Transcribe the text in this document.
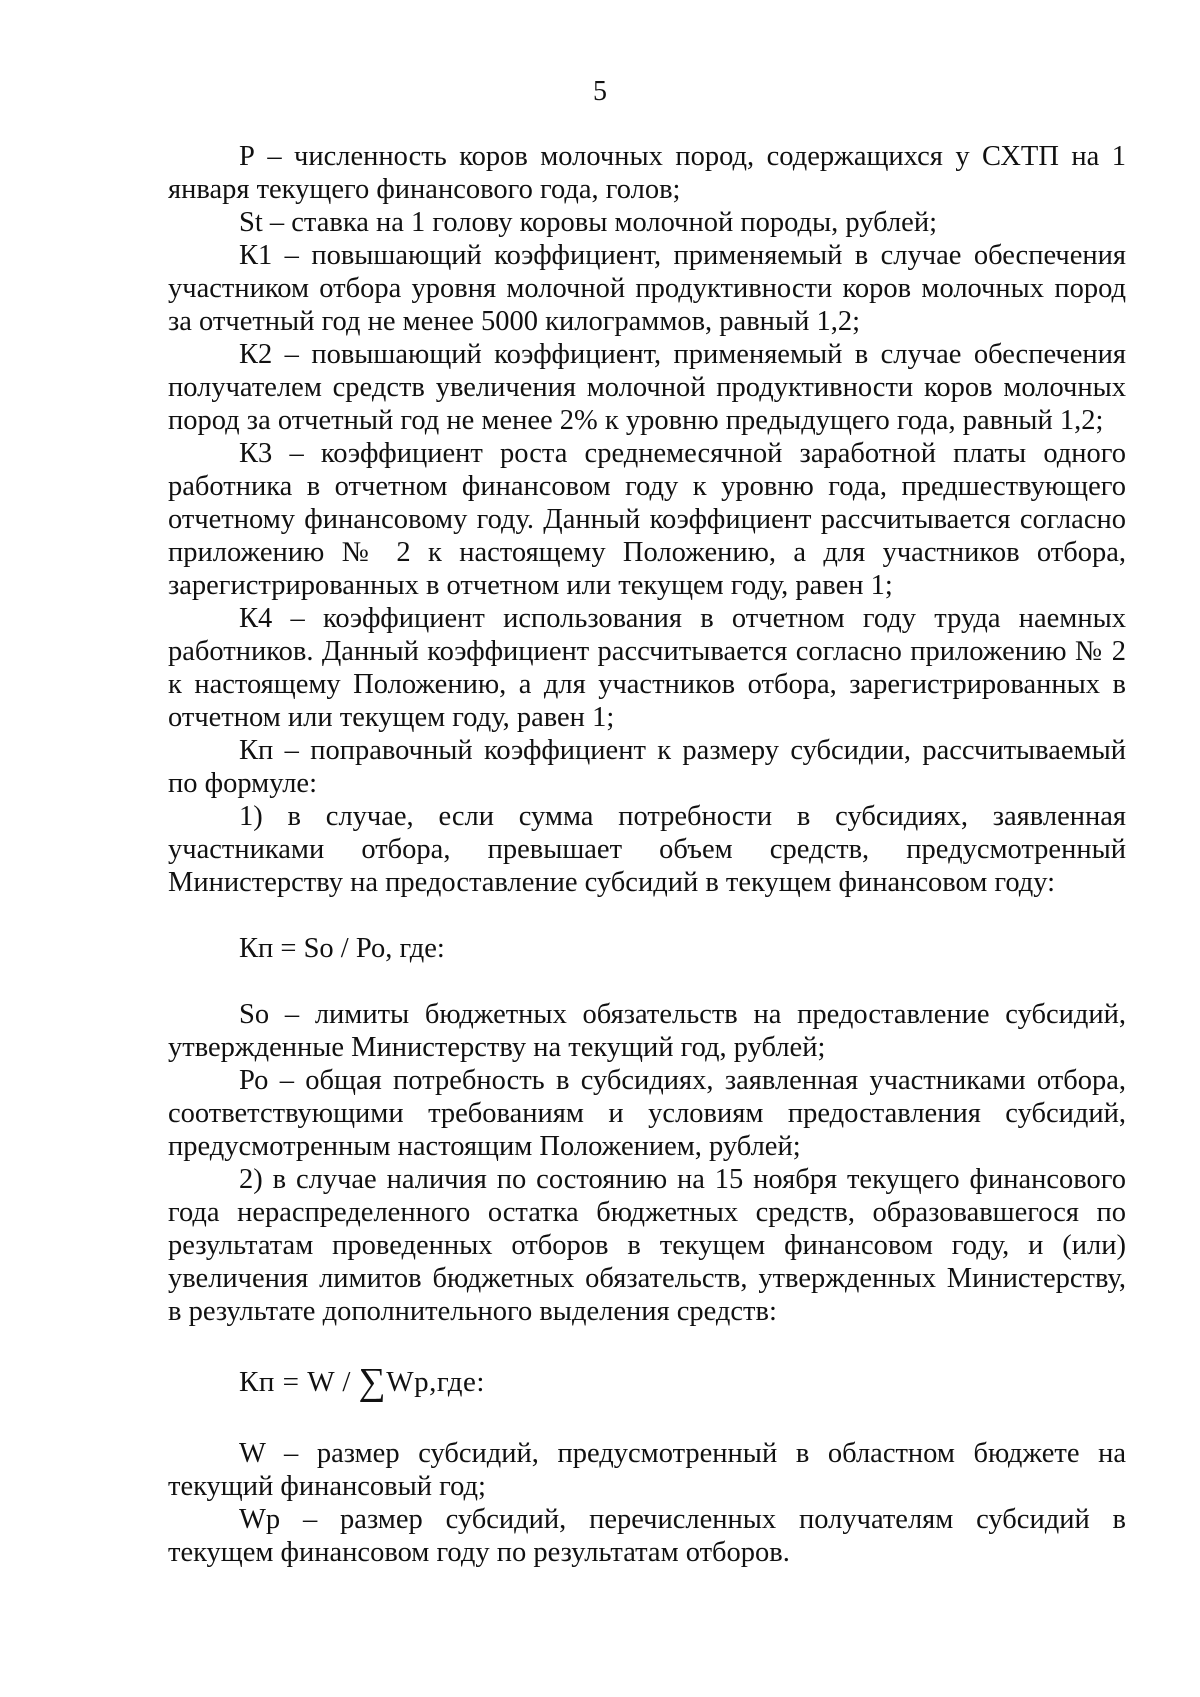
5

Р – численность коров молочных пород, содержащихся у СХТП на 1 января текущего финансового года, голов;

St – ставка на 1 голову коровы молочной породы, рублей;

К1 – повышающий коэффициент, применяемый в случае обеспечения участником отбора уровня молочной продуктивности коров молочных пород за отчетный год не менее 5000 килограммов, равный 1,2;

К2 – повышающий коэффициент, применяемый в случае обеспечения получателем средств увеличения молочной продуктивности коров молочных пород за отчетный год не менее 2% к уровню предыдущего года, равный 1,2;

К3 – коэффициент роста среднемесячной заработной платы одного работника в отчетном финансовом году к уровню года, предшествующего отчетному финансовому году. Данный коэффициент рассчитывается согласно приложению № 2 к настоящему Положению, а для участников отбора, зарегистрированных в отчетном или текущем году, равен 1;

К4 – коэффициент использования в отчетном году труда наемных работников. Данный коэффициент рассчитывается согласно приложению № 2 к настоящему Положению, а для участников отбора, зарегистрированных в отчетном или текущем году, равен 1;

Кп – поправочный коэффициент к размеру субсидии, рассчитываемый по формуле:

1) в случае, если сумма потребности в субсидиях, заявленная участниками отбора, превышает объем средств, предусмотренный Министерству на предоставление субсидий в текущем финансовом году:

Кп = So / Ро, где:

So – лимиты бюджетных обязательств на предоставление субсидий, утвержденные Министерству на текущий год, рублей;

Ро – общая потребность в субсидиях, заявленная участниками отбора, соответствующими требованиям и условиям предоставления субсидий, предусмотренным настоящим Положением, рублей;

2) в случае наличия по состоянию на 15 ноября текущего финансового года нераспределенного остатка бюджетных средств, образовавшегося по результатам проведенных отборов в текущем финансовом году, и (или) увеличения лимитов бюджетных обязательств, утвержденных Министерству, в результате дополнительного выделения средств:

Кп = W / ∑Wp,где:

W – размер субсидий, предусмотренный в областном бюджете на текущий финансовый год;

Wp – размер субсидий, перечисленных получателям субсидий в текущем финансовом году по результатам отборов.
